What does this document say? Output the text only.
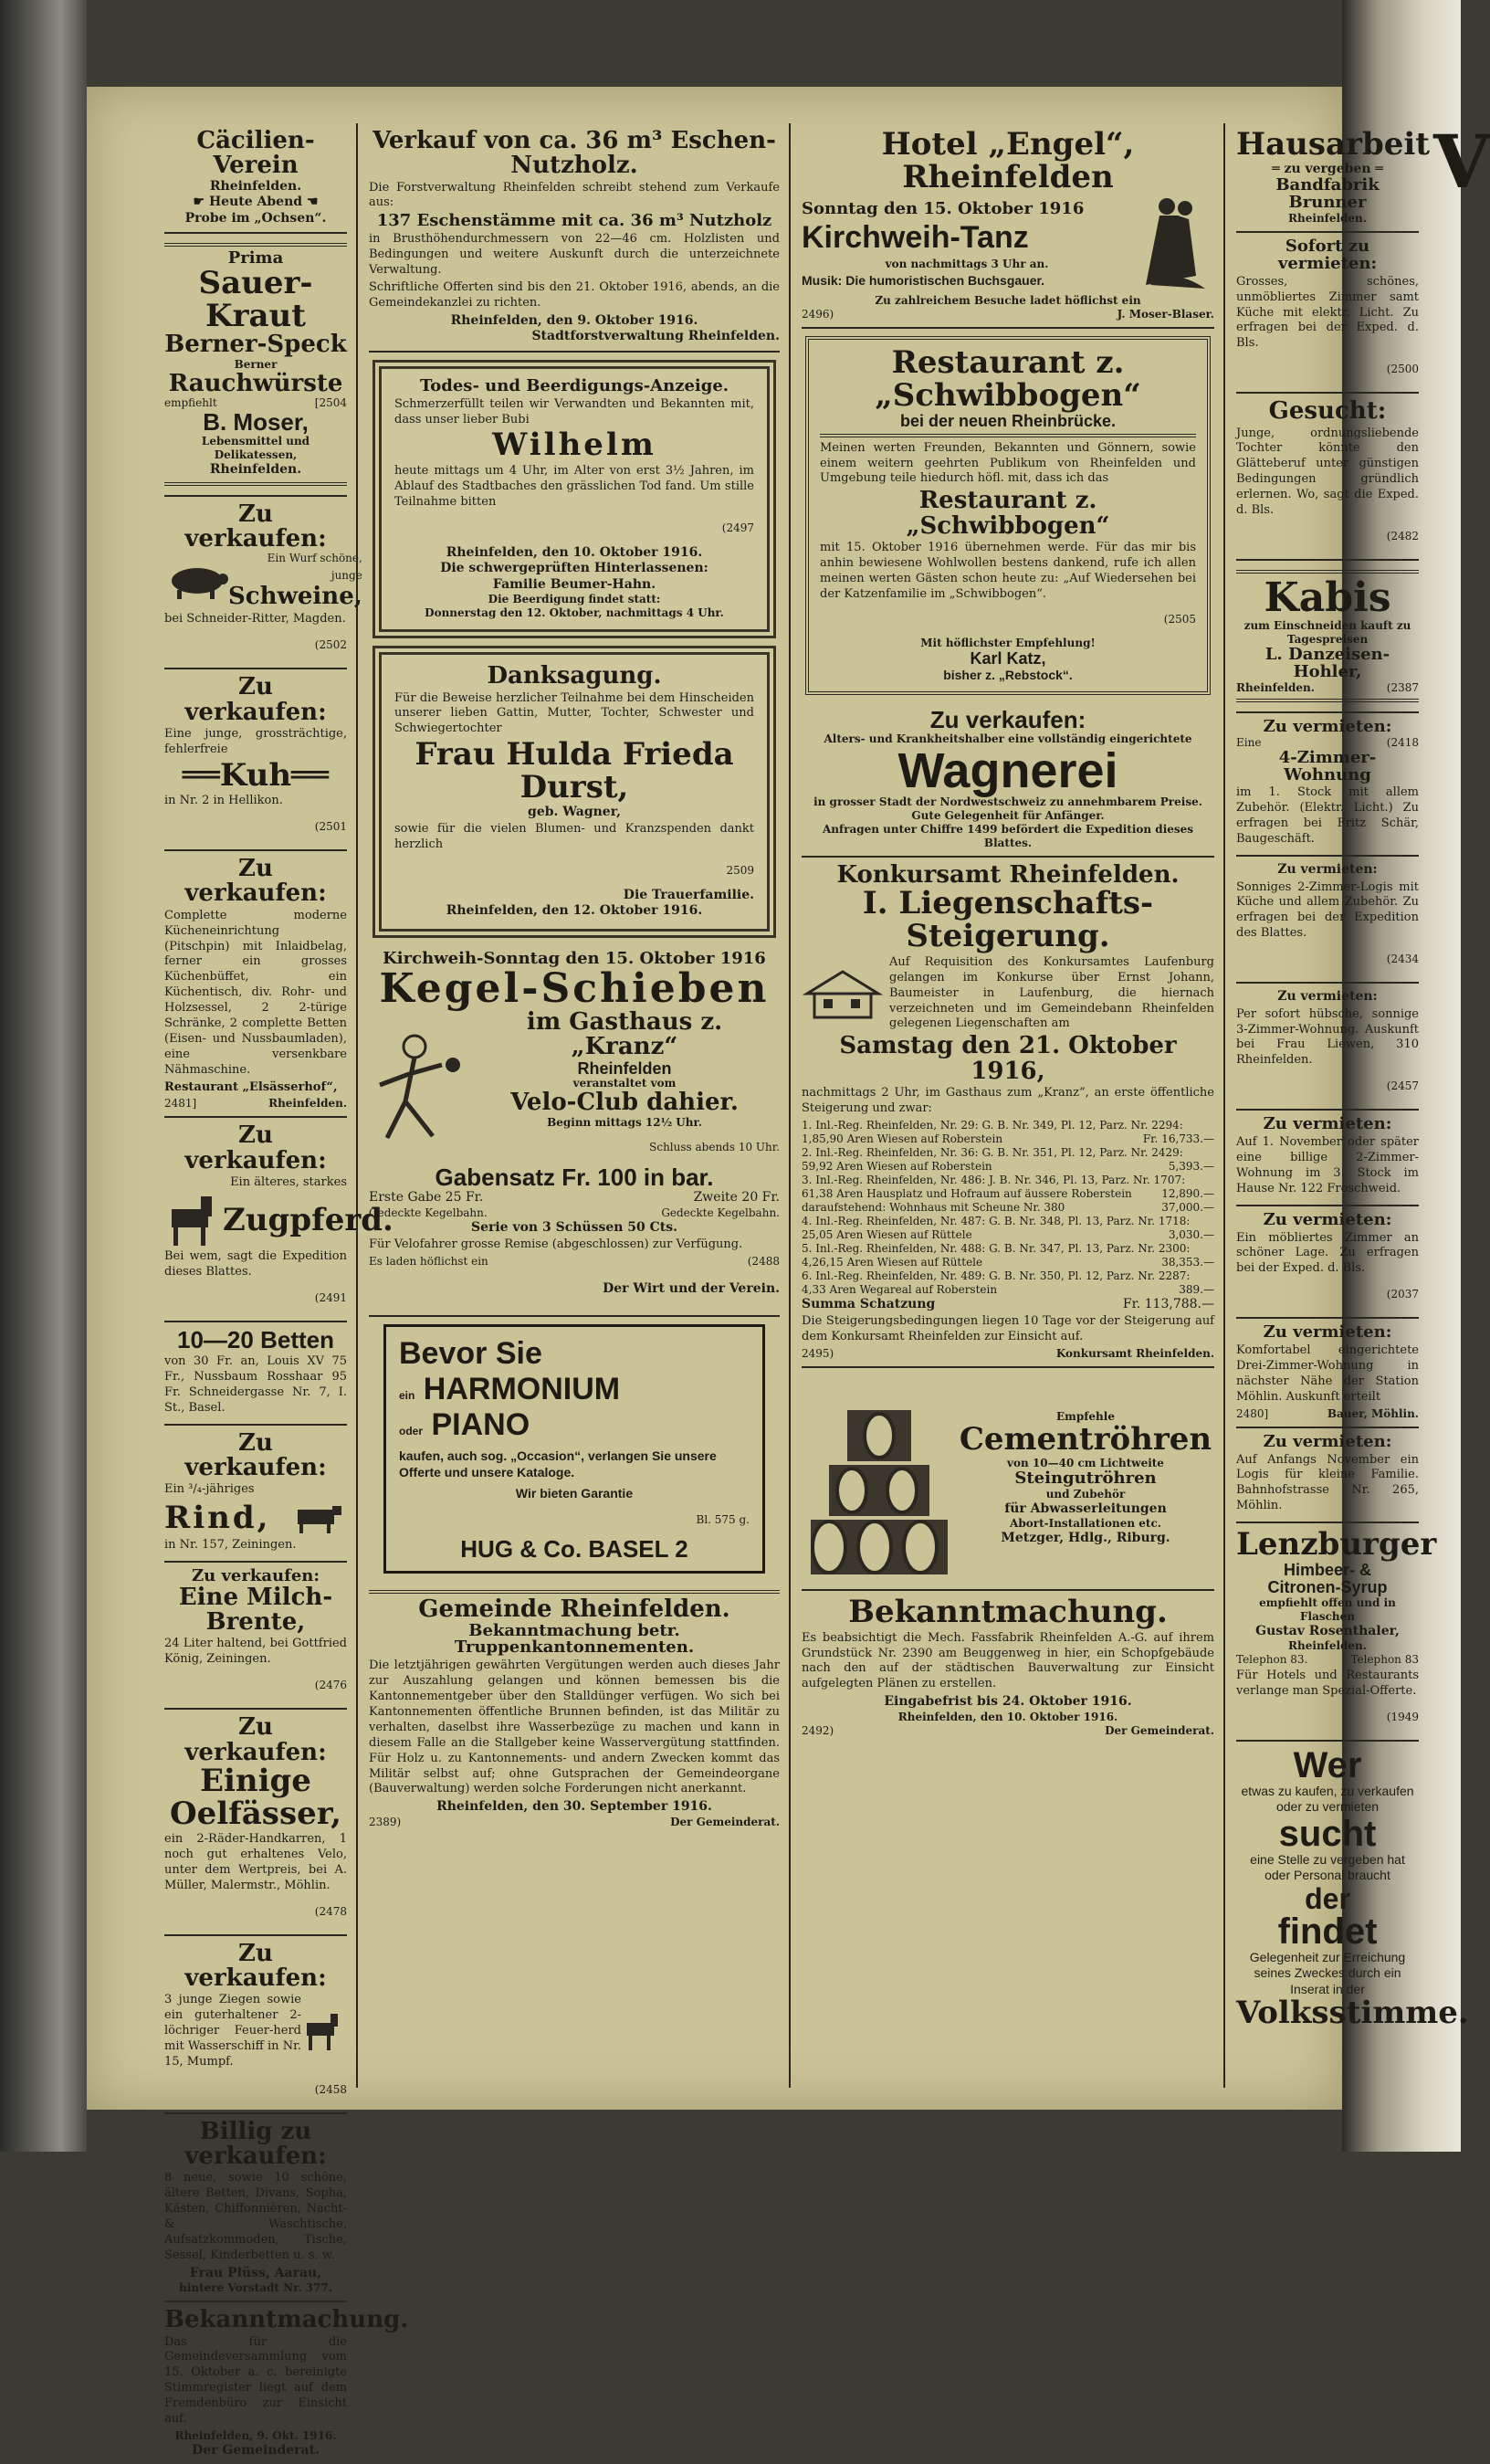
V

Cäcilien-Verein

Rheinfelden.

☛ Heute Abend ☚

Probe im „Ochsen“.

Prima

Sauer-Kraut

Berner-Speck

Berner

Rauchwürste

empfiehlt	[2504

B. Moser,

Lebensmittel und Delikatessen,

Rheinfelden.

Zu verkaufen:

Ein Wurf schöne,
junge Schweine,

bei Schneider-Ritter, Magden.

(2502

Zu verkaufen:

Eine junge, grossträchtige, fehlerfreie

══Kuh══

in Nr. 2 in Hellikon.

(2501

Zu verkaufen:

Complette moderne Kücheneinrichtung (Pitschpin) mit Inlaidbelag, ferner ein grosses Küchenbüffet, ein Küchentisch, div. Rohr- und Holzsessel, 2 2-türige Schränke, 2 complette Betten (Eisen- und Nussbaumladen), eine versenkbare Nähmaschine.

Restaurant „Elsässerhof“,

2481]	Rheinfelden.

Zu verkaufen:

Ein älteres, starkes

Zugpferd.

Bei wem, sagt die Expedition dieses Blattes.

(2491

10—20 Betten

von 30 Fr. an, Louis XV 75 Fr., Nussbaum Rosshaar 95 Fr. Schneidergasse Nr. 7, I. St., Basel.

Zu verkaufen:

Ein ³/₄-jähriges

Rind,

in Nr. 157, Zeiningen.

Zu verkaufen:

Eine Milch-Brente,

24 Liter haltend, bei Gottfried König, Zeiningen.

(2476

Zu verkaufen:

Einige Oelfässer,

ein 2-Räder-Handkarren, 1 noch gut erhaltenes Velo, unter dem Wertpreis, bei A. Müller, Malermstr., Möhlin.

(2478

Zu verkaufen:

3 junge Ziegen sowie ein guterhaltener 2-löchriger Feuer-herd mit Wasserschiff in Nr. 15, Mumpf.

(2458

Billig zu verkaufen:

8 neue, sowie 10 schöne, ältere Betten, Divans, Sopha, Kästen, Chiffonnièren, Nacht- & Waschtische, Aufsatzkommoden, Tische, Sessel, Kinderbetten u. s. w.

Frau Plüss, Aarau,

hintere Vorstadt Nr. 377.

Bekanntmachung.

Das für die Gemeindeversammlung vom 15. Oktober a. c. bereinigte Stimmregister liegt auf dem Fremdenbüro zur Einsicht auf.

Rheinfelden, 9. Okt. 1916.

Der Gemeinderat.

Verkauf von ca. 36 m³ Eschen-Nutzholz.

Die Forstverwaltung Rheinfelden schreibt stehend zum Verkaufe aus:

137 Eschenstämme mit ca. 36 m³ Nutzholz

in Brusthöhendurchmessern von 22—46 cm. Holzlisten und Bedingungen und weitere Auskunft durch die unterzeichnete Verwaltung.

Schriftliche Offerten sind bis den 21. Oktober 1916, abends, an die Gemeindekanzlei zu richten.

Rheinfelden, den 9. Oktober 1916.

Stadtforstverwaltung Rheinfelden.

Todes- und Beerdigungs-Anzeige.

Schmerzerfüllt teilen wir Verwandten und Bekannten mit, dass unser lieber Bubi

Wilhelm

heute mittags um 4 Uhr, im Alter von erst 3½ Jahren, im Ablauf des Stadtbaches den grässlichen Tod fand. Um stille Teilnahme bitten

(2497

Rheinfelden, den 10. Oktober 1916.

Die schwergeprüften Hinterlassenen:

Familie Beumer-Hahn.

Die Beerdigung findet statt:

Donnerstag den 12. Oktober, nachmittags 4 Uhr.

Danksagung.

Für die Beweise herzlicher Teilnahme bei dem Hinscheiden unserer lieben Gattin, Mutter, Tochter, Schwester und Schwiegertochter

Frau Hulda Frieda Durst,

geb. Wagner,

sowie für die vielen Blumen- und Kranzspenden dankt herzlich

2509

Die Trauerfamilie.

Rheinfelden, den 12. Oktober 1916.

Kirchweih-Sonntag den 15. Oktober 1916

Kegel-Schieben

im Gasthaus z. „Kranz“

Rheinfelden

veranstaltet vom

Velo-Club dahier.

Beginn mittags 12½ Uhr.

Schluss abends 10 Uhr.

Gabensatz Fr. 100 in bar.

Erste Gabe 25 Fr.	Zweite 20 Fr.
Gedeckte Kegelbahn.	Gedeckte Kegelbahn.

Serie von 3 Schüssen 50 Cts.

Für Velofahrer grosse Remise (abgeschlossen) zur Verfügung.

Es laden höflichst ein	(2488

Der Wirt und der Verein.

Bevor Sie

ein HARMONIUM

oder PIANO

kaufen, auch sog. „Occasion“, verlangen Sie unsere Offerte und unsere Kataloge.

Wir bieten Garantie

Bl. 575 g.

HUG & Co. BASEL 2

Gemeinde Rheinfelden.

Bekanntmachung betr. Truppenkantonnementen.

Die letztjährigen gewährten Vergütungen werden auch dieses Jahr zur Auszahlung gelangen und können bemessen bis die Kantonnementgeber über den Stalldünger verfügen. Wo sich bei Kantonnementen öffentliche Brunnen befinden, ist das Militär zu verhalten, daselbst ihre Wasserbezüge zu machen und kann in diesem Falle an die Stallgeber keine Wasservergütung stattfinden. Für Holz u. zu Kantonnements- und andern Zwecken kommt das Militär selbst auf; ohne Gutsprachen der Gemeindeorgane (Bauverwaltung) werden solche Forderungen nicht anerkannt.

Rheinfelden, den 30. September 1916.

2389)	Der Gemeinderat.

Hotel „Engel“, Rheinfelden

Sonntag den 15. Oktober 1916

Kirchweih-Tanz

von nachmittags 3 Uhr an.

Musik: Die humoristischen Buchsgauer.

Zu zahlreichem Besuche ladet höflichst ein

2496)	J. Moser-Blaser.

Restaurant z. „Schwibbogen“

bei der neuen Rheinbrücke.

Meinen werten Freunden, Bekannten und Gönnern, sowie einem weitern geehrten Publikum von Rheinfelden und Umgebung teile hiedurch höfl. mit, dass ich das

Restaurant z. „Schwibbogen“

mit 15. Oktober 1916 übernehmen werde. Für das mir bis anhin bewiesene Wohlwollen bestens dankend, rufe ich allen meinen werten Gästen schon heute zu: „Auf Wiedersehen bei der Katzenfamilie im „Schwibbogen“.

(2505

Mit höflichster Empfehlung!

Karl Katz,

bisher z. „Rebstock“.

Zu verkaufen:

Alters- und Krankheitshalber eine vollständig eingerichtete

Wagnerei

in grosser Stadt der Nordwestschweiz zu annehmbarem Preise.

Gute Gelegenheit für Anfänger.

Anfragen unter Chiffre 1499 befördert die Expedition dieses Blattes.

Konkursamt Rheinfelden.

I. Liegenschafts-Steigerung.

Auf Requisition des Konkursamtes Laufenburg gelangen im Konkurse über Ernst Johann, Baumeister in Laufenburg, die hiernach verzeichneten und im Gemeindebann Rheinfelden gelegenen Liegenschaften am

Samstag den 21. Oktober 1916,

nachmittags 2 Uhr, im Gasthaus zum „Kranz“, an erste öffentliche Steigerung und zwar:

1. Inl.-Reg. Rheinfelden, Nr. 29: G. B. Nr. 349, Pl. 12, Parz. Nr. 2294: 1,85,90 Aren Wiesen auf Roberstein	Fr. 16,733.—
2. Inl.-Reg. Rheinfelden, Nr. 36: G. B. Nr. 351, Pl. 12, Parz. Nr. 2429: 59,92 Aren Wiesen auf Roberstein	5,393.—
3. Inl.-Reg. Rheinfelden, Nr. 486: J. B. Nr. 346, Pl. 13, Parz. Nr. 1707: 61,38 Aren Hausplatz und Hofraum auf äussere Roberstein	12,890.—
daraufstehend: Wohnhaus mit Scheune Nr. 380	37,000.—
4. Inl.-Reg. Rheinfelden, Nr. 487: G. B. Nr. 348, Pl. 13, Parz. Nr. 1718: 25,05 Aren Wiesen auf Rüttele	3,030.—
5. Inl.-Reg. Rheinfelden, Nr. 488: G. B. Nr. 347, Pl. 13, Parz. Nr. 2300: 4,26,15 Aren Wiesen auf Rüttele	38,353.—
6. Inl.-Reg. Rheinfelden, Nr. 489: G. B. Nr. 350, Pl. 12, Parz. Nr. 2287: 4,33 Aren Wegareal auf Roberstein	389.—
Summa Schatzung	Fr. 113,788.—

Die Steigerungsbedingungen liegen 10 Tage vor der Steigerung auf dem Konkursamt Rheinfelden zur Einsicht auf.

2495)	Konkursamt Rheinfelden.

Empfehle

Cementröhren

von 10—40 cm Lichtweite

Steingutröhren

und Zubehör

für Abwasserleitungen

Abort-Installationen etc.

Metzger, Hdlg., Riburg.

Bekanntmachung.

Es beabsichtigt die Mech. Fassfabrik Rheinfelden A.-G. auf ihrem Grundstück Nr. 2390 am Beuggenweg in hier, ein Schopfgebäude nach den auf der städtischen Bauverwaltung zur Einsicht aufgelegten Plänen zu erstellen.

Eingabefrist bis 24. Oktober 1916.

Rheinfelden, den 10. Oktober 1916.

2492)	Der Gemeinderat.

Hausarbeit

═ zu vergeben ═

Bandfabrik Brunner

Rheinfelden.

Sofort zu vermieten:

Grosses, schönes, unmöbliertes Zimmer samt Küche mit elektr. Licht. Zu erfragen bei der Exped. d. Bls.

(2500

Gesucht:

Junge, ordnungsliebende Tochter könnte den Glätteberuf unter günstigen Bedingungen gründlich erlernen. Wo, sagt die Exped. d. Bls.

(2482

Kabis

zum Einschneiden kauft zu Tagespreisen

L. Danzeisen-Hohler,

Rheinfelden.	(2387

Zu vermieten:

Eine	(2418

4-Zimmer-Wohnung

im 1. Stock mit allem Zubehör. (Elektr. Licht.) Zu erfragen bei Fritz Schär, Baugeschäft.

Zu vermieten:

Sonniges 2-Zimmer-Logis mit Küche und allem Zubehör. Zu erfragen bei der Expedition des Blattes.

(2434

Zu vermieten:

Per sofort hübsche, sonnige 3-Zimmer-Wohnung. Auskunft bei Frau Liewen, 310 Rheinfelden.

(2457

Zu vermieten:

Auf 1. November oder später eine billige 2-Zimmer-Wohnung im 3. Stock im Hause Nr. 122 Froschweid.

Zu vermieten:

Ein möbliertes Zimmer an schöner Lage. Zu erfragen bei der Exped. d. Bls.

(2037

Zu vermieten:

Komfortabel eingerichtete Drei-Zimmer-Wohnung in nächster Nähe der Station Möhlin. Auskunft erteilt

2480]	Bauer, Möhlin.

Zu vermieten:

Auf Anfangs November ein Logis für kleine Familie. Bahnhofstrasse Nr. 265, Möhlin.

Lenzburger

Himbeer- &

Citronen-Syrup

empfiehlt offen und in Flaschen

Gustav Rosenthaler,

Rheinfelden.

Telephon 83.	Telephon 83

Für Hotels und Restaurants verlange man Spezial-Offerte.

(1949

Wer

etwas zu kaufen, zu verkaufen oder zu vermieten

sucht

eine Stelle zu vergeben hat oder Personal braucht

der

findet

Gelegenheit zur Erreichung seines Zweckes durch ein Inserat in der

Volksstimme.
